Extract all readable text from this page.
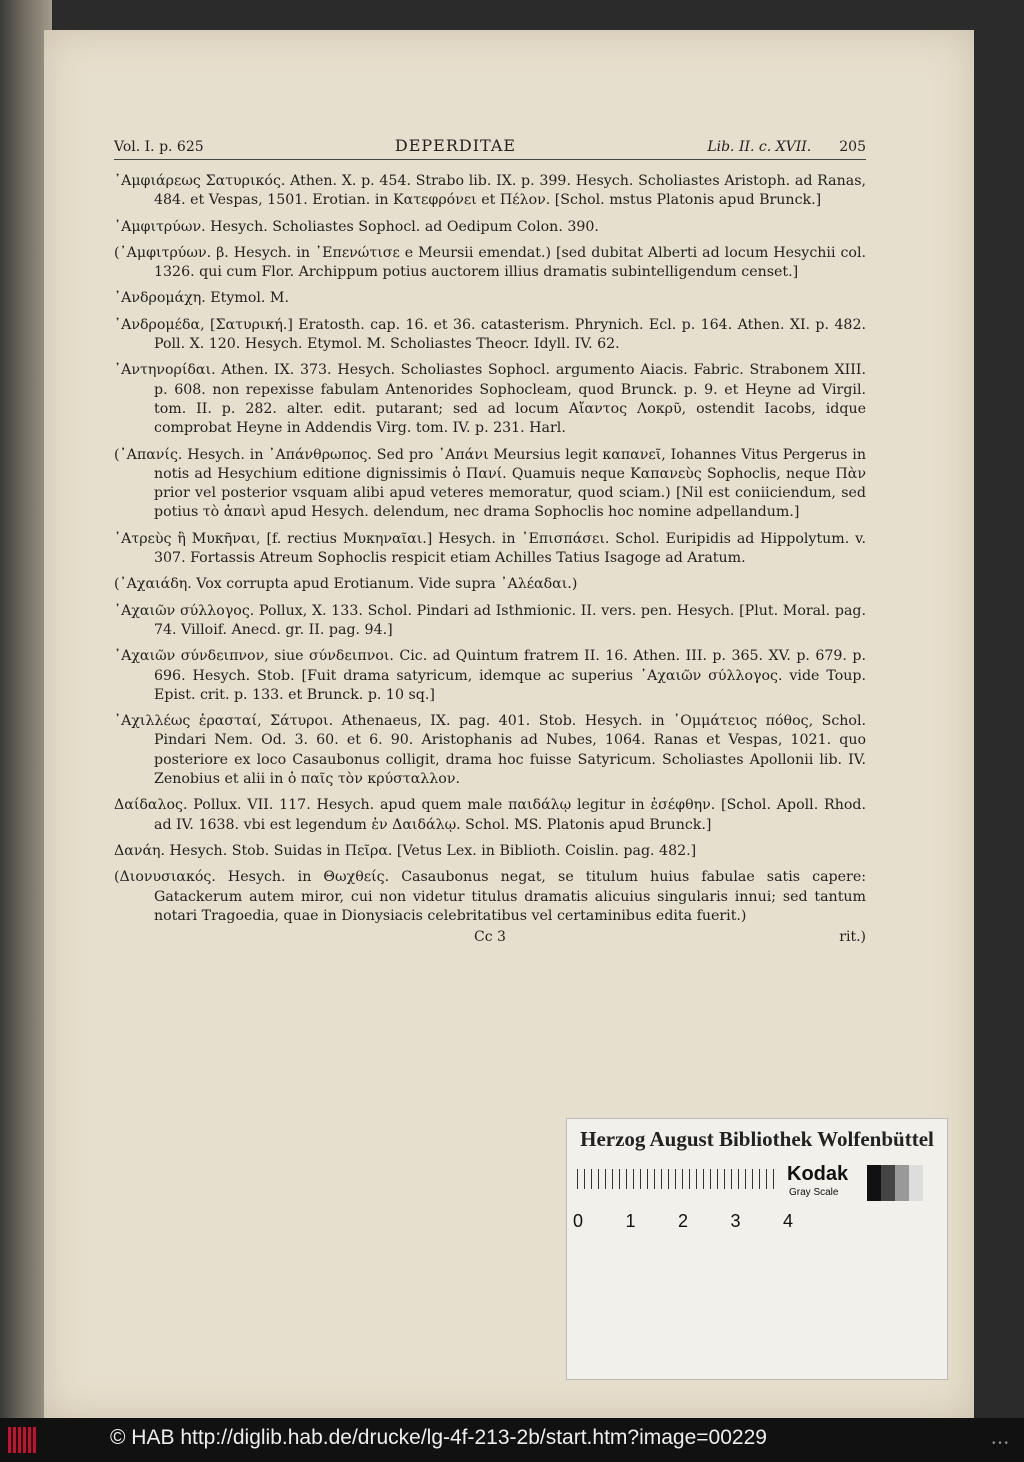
Vol. I. p. 625	DEPERDITAE	Lib. II. c. XVII. 205

᾿Αμφιάρεως Σατυρικός. Athen. X. p. 454. Strabo lib. IX. p. 399. Hesych. Scholiastes Aristoph. ad Ranas, 484. et Vespas, 1501. Erotian. in Κατεφρόνει et Πέλον. [Schol. mstus Platonis apud Brunck.]

᾿Αμφιτρύων. Hesych. Scholiastes Sophocl. ad Oedipum Colon. 390.

(᾿Αμφιτρύων. β. Hesych. in ᾿Επενώτισε e Meursii emendat.) [sed dubitat Alberti ad locum Hesychii col. 1326. qui cum Flor. Archippum potius auctorem illius dramatis subintelligendum censet.]

᾿Ανδρομάχη. Etymol. M.

᾿Ανδρομέδα, [Σατυρική.] Eratosth. cap. 16. et 36. catasterism. Phrynich. Ecl. p. 164. Athen. XI. p. 482. Poll. X. 120. Hesych. Etymol. M. Scholiastes Theocr. Idyll. IV. 62.

᾿Αντηνορίδαι. Athen. IX. 373. Hesych. Scholiastes Sophocl. argumento Aiacis. Fabric. Strabonem XIII. p. 608. non repexisse fabulam Antenorides Sophocleam, quod Brunck. p. 9. et Heyne ad Virgil. tom. II. p. 282. alter. edit. putarant; sed ad locum Αἴαντος Λοκρῦ, ostendit Iacobs, idque comprobat Heyne in Addendis Virg. tom. IV. p. 231. Harl.

(᾿Απανίς. Hesych. in ᾿Απάνθρωπος. Sed pro ᾿Απάνι Meursius legit καπανεῖ, Iohannes Vitus Pergerus in notis ad Hesychium editione dignissimis ὁ Πανί. Quamuis neque Καπανεὺς Sophoclis, neque Πὰν prior vel posterior vsquam alibi apud veteres memoratur, quod sciam.) [Nil est coniiciendum, sed potius τὸ ἀπανὶ apud Hesych. delendum, nec drama Sophoclis hoc nomine adpellandum.]

᾿Ατρεὺς ἢ Μυκῆναι, [f. rectius Μυκηναῖαι.] Hesych. in ᾿Επισπάσει. Schol. Euripidis ad Hippolytum. v. 307. Fortassis Atreum Sophoclis respicit etiam Achilles Tatius Isagoge ad Aratum.

(᾿Αχαιάδη. Vox corrupta apud Erotianum. Vide supra ᾿Αλέαδαι.)

᾿Αχαιῶν σύλλογος. Pollux, X. 133. Schol. Pindari ad Isthmionic. II. vers. pen. Hesych. [Plut. Moral. pag. 74. Villoif. Anecd. gr. II. pag. 94.]

᾿Αχαιῶν σύνδειπνον, siue σύνδειπνοι. Cic. ad Quintum fratrem II. 16. Athen. III. p. 365. XV. p. 679. p. 696. Hesych. Stob. [Fuit drama satyricum, idemque ac superius ᾿Αχαιῶν σύλλογος. vide Toup. Epist. crit. p. 133. et Brunck. p. 10 sq.]

᾿Αχιλλέως ἐρασταί, Σάτυροι. Athenaeus, IX. pag. 401. Stob. Hesych. in ᾿Ομμάτειος πόθος, Schol. Pindari Nem. Od. 3. 60. et 6. 90. Aristophanis ad Nubes, 1064. Ranas et Vespas, 1021. quo posteriore ex loco Casaubonus colligit, drama hoc fuisse Satyricum. Scholiastes Apollonii lib. IV. Zenobius et alii in ὁ παῖς τὸν κρύσταλλον.

Δαίδαλος. Pollux. VII. 117. Hesych. apud quem male παιδάλῳ legitur in ἐσέφθην. [Schol. Apoll. Rhod. ad IV. 1638. vbi est legendum ἐν Δαιδάλῳ. Schol. MS. Platonis apud Brunck.]

Δανάη. Hesych. Stob. Suidas in Πεῖρα. [Vetus Lex. in Biblioth. Coislin. pag. 482.]

(Διονυσιακός. Hesych. in Θωχθείς. Casaubonus negat, se titulum huius fabulae satis capere: Gatackerum autem miror, cui non videtur titulus dramatis alicuius singularis innui; sed tantum notari Tragoedia, quae in Dionysiacis celebritatibus vel certaminibus edita fuerit.)

Cc 3	rit.)
Herzog August Bibliothek Wolfenbüttel
Kodak
Gray Scale
0 1 2 3 4
© HAB http://diglib.hab.de/drucke/lg-4f-213-2b/start.htm?image=00229	• • •
